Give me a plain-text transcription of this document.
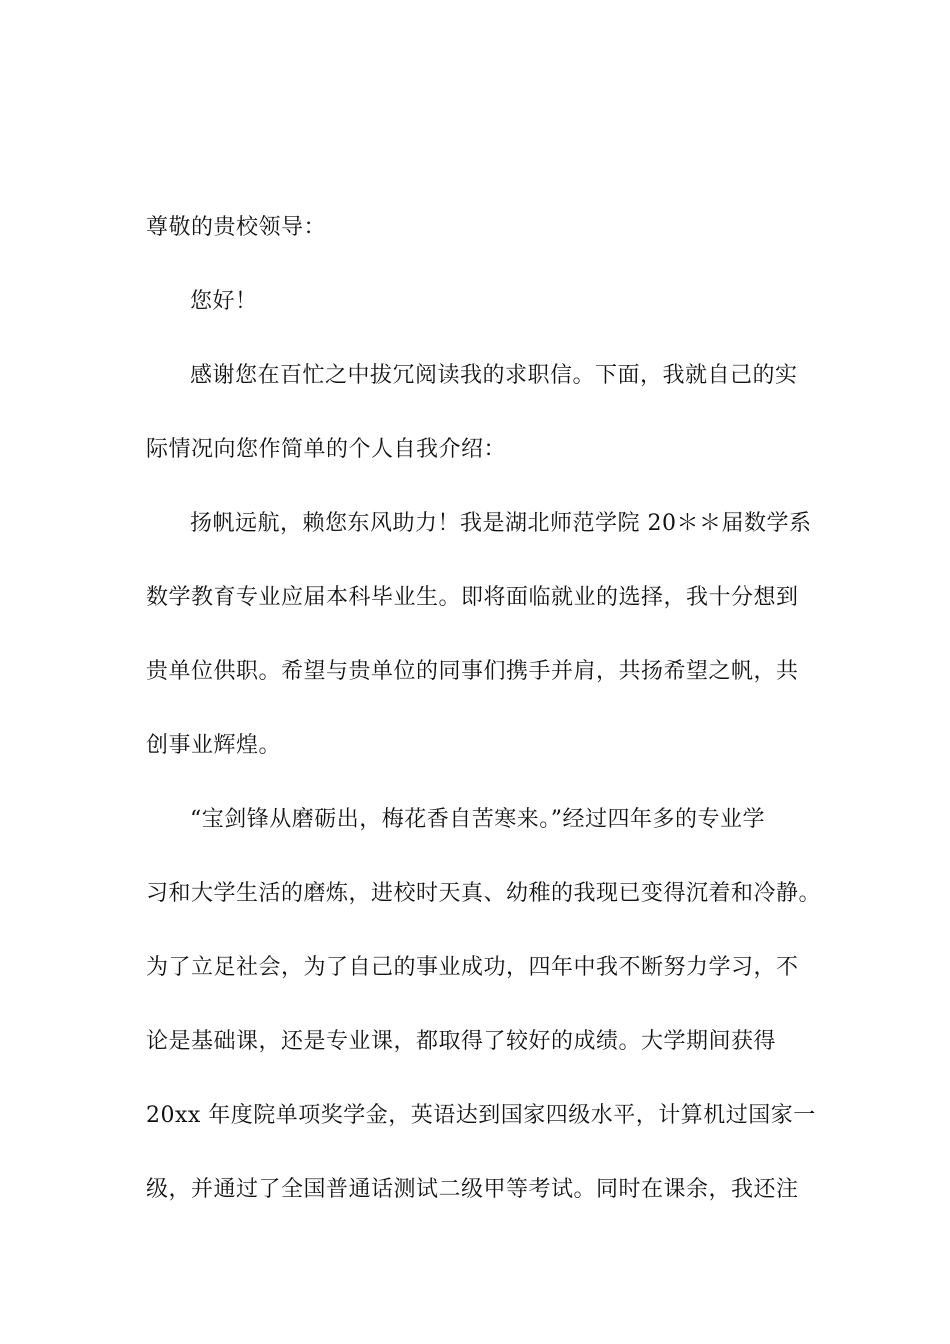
尊敬的贵校领导：
您好！
感谢您在百忙之中拔冗阅读我的求职信。下面，我就自己的实
际情况向您作简单的个人自我介绍：
扬帆远航，赖您东风助力！我是湖北师范学院 20＊＊届数学系
数学教育专业应届本科毕业生。即将面临就业的选择，我十分想到
贵单位供职。希望与贵单位的同事们携手并肩，共扬希望之帆，共
创事业辉煌。
“宝剑锋从磨砺出，梅花香自苦寒来。”经过四年多的专业学
习和大学生活的磨炼，进校时天真、幼稚的我现已变得沉着和冷静。
为了立足社会，为了自己的事业成功，四年中我不断努力学习，不
论是基础课，还是专业课，都取得了较好的成绩。大学期间获得
20xx 年度院单项奖学金，英语达到国家四级水平，计算机过国家一
级，并通过了全国普通话测试二级甲等考试。同时在课余，我还注
